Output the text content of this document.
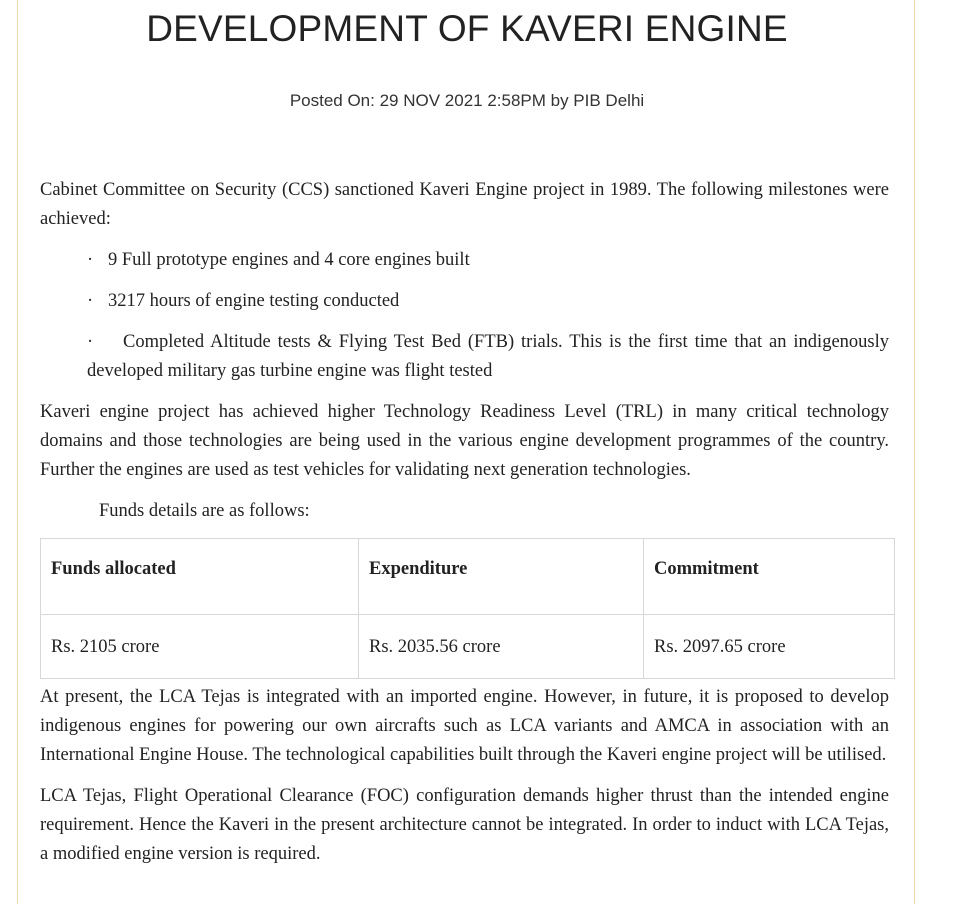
DEVELOPMENT OF KAVERI ENGINE
Posted On: 29 NOV 2021 2:58PM by PIB Delhi

Cabinet Committee on Security (CCS) sanctioned Kaveri Engine project in 1989. The following milestones were achieved:

· 9 Full prototype engines and 4 core engines built

· 3217 hours of engine testing conducted

· Completed Altitude tests & Flying Test Bed (FTB) trials. This is the first time that an indigenously developed military gas turbine engine was flight tested

Kaveri engine project has achieved higher Technology Readiness Level (TRL) in many critical technology domains and those technologies are being used in the various engine development programmes of the country. Further the engines are used as test vehicles for validating next generation technologies.

Funds details are as follows:

Funds allocated	Expenditure	Commitment
Rs. 2105 crore	Rs. 2035.56 crore	Rs. 2097.65 crore

At present, the LCA Tejas is integrated with an imported engine. However, in future, it is proposed to develop indigenous engines for powering our own aircrafts such as LCA variants and AMCA in association with an International Engine House. The technological capabilities built through the Kaveri engine project will be utilised.

LCA Tejas, Flight Operational Clearance (FOC) configuration demands higher thrust than the intended engine requirement. Hence the Kaveri in the present architecture cannot be integrated. In order to induct with LCA Tejas, a modified engine version is required.
